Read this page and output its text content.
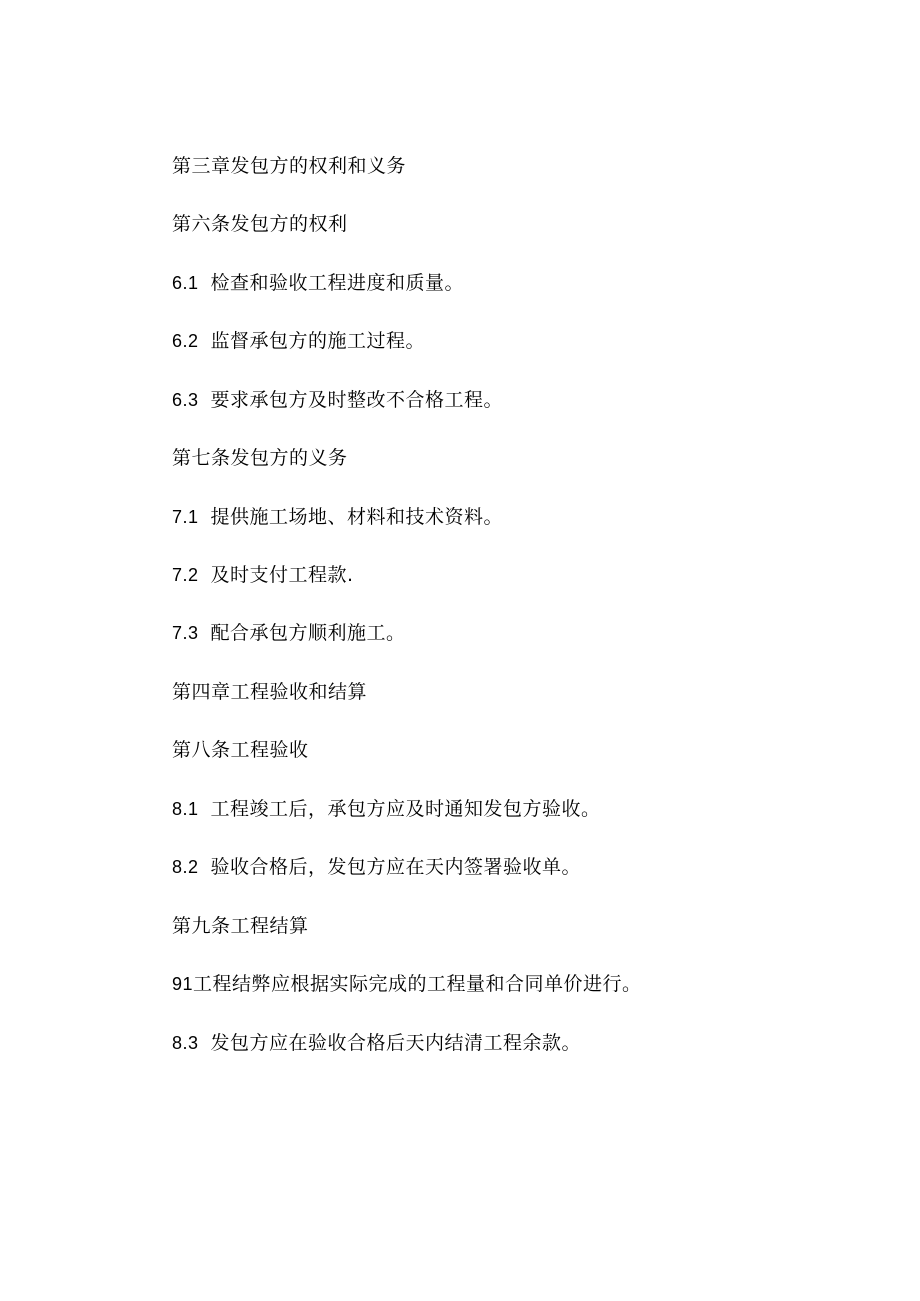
第三章发包方的权利和义务
第六条发包方的权利
6.1 检查和验收工程进度和质量。
6.2 监督承包方的施工过程。
6.3 要求承包方及时整改不合格工程。
第七条发包方的义务
7.1 提供施工场地、材料和技术资料。
7.2 及时支付工程款.
7.3 配合承包方顺利施工。
第四章工程验收和结算
第八条工程验收
8.1 工程竣工后，承包方应及时通知发包方验收。
8.2 验收合格后，发包方应在天内签署验收单。
第九条工程结算
91工程结弊应根据实际完成的工程量和合同单价进行。
8.3 发包方应在验收合格后天内结清工程余款。
